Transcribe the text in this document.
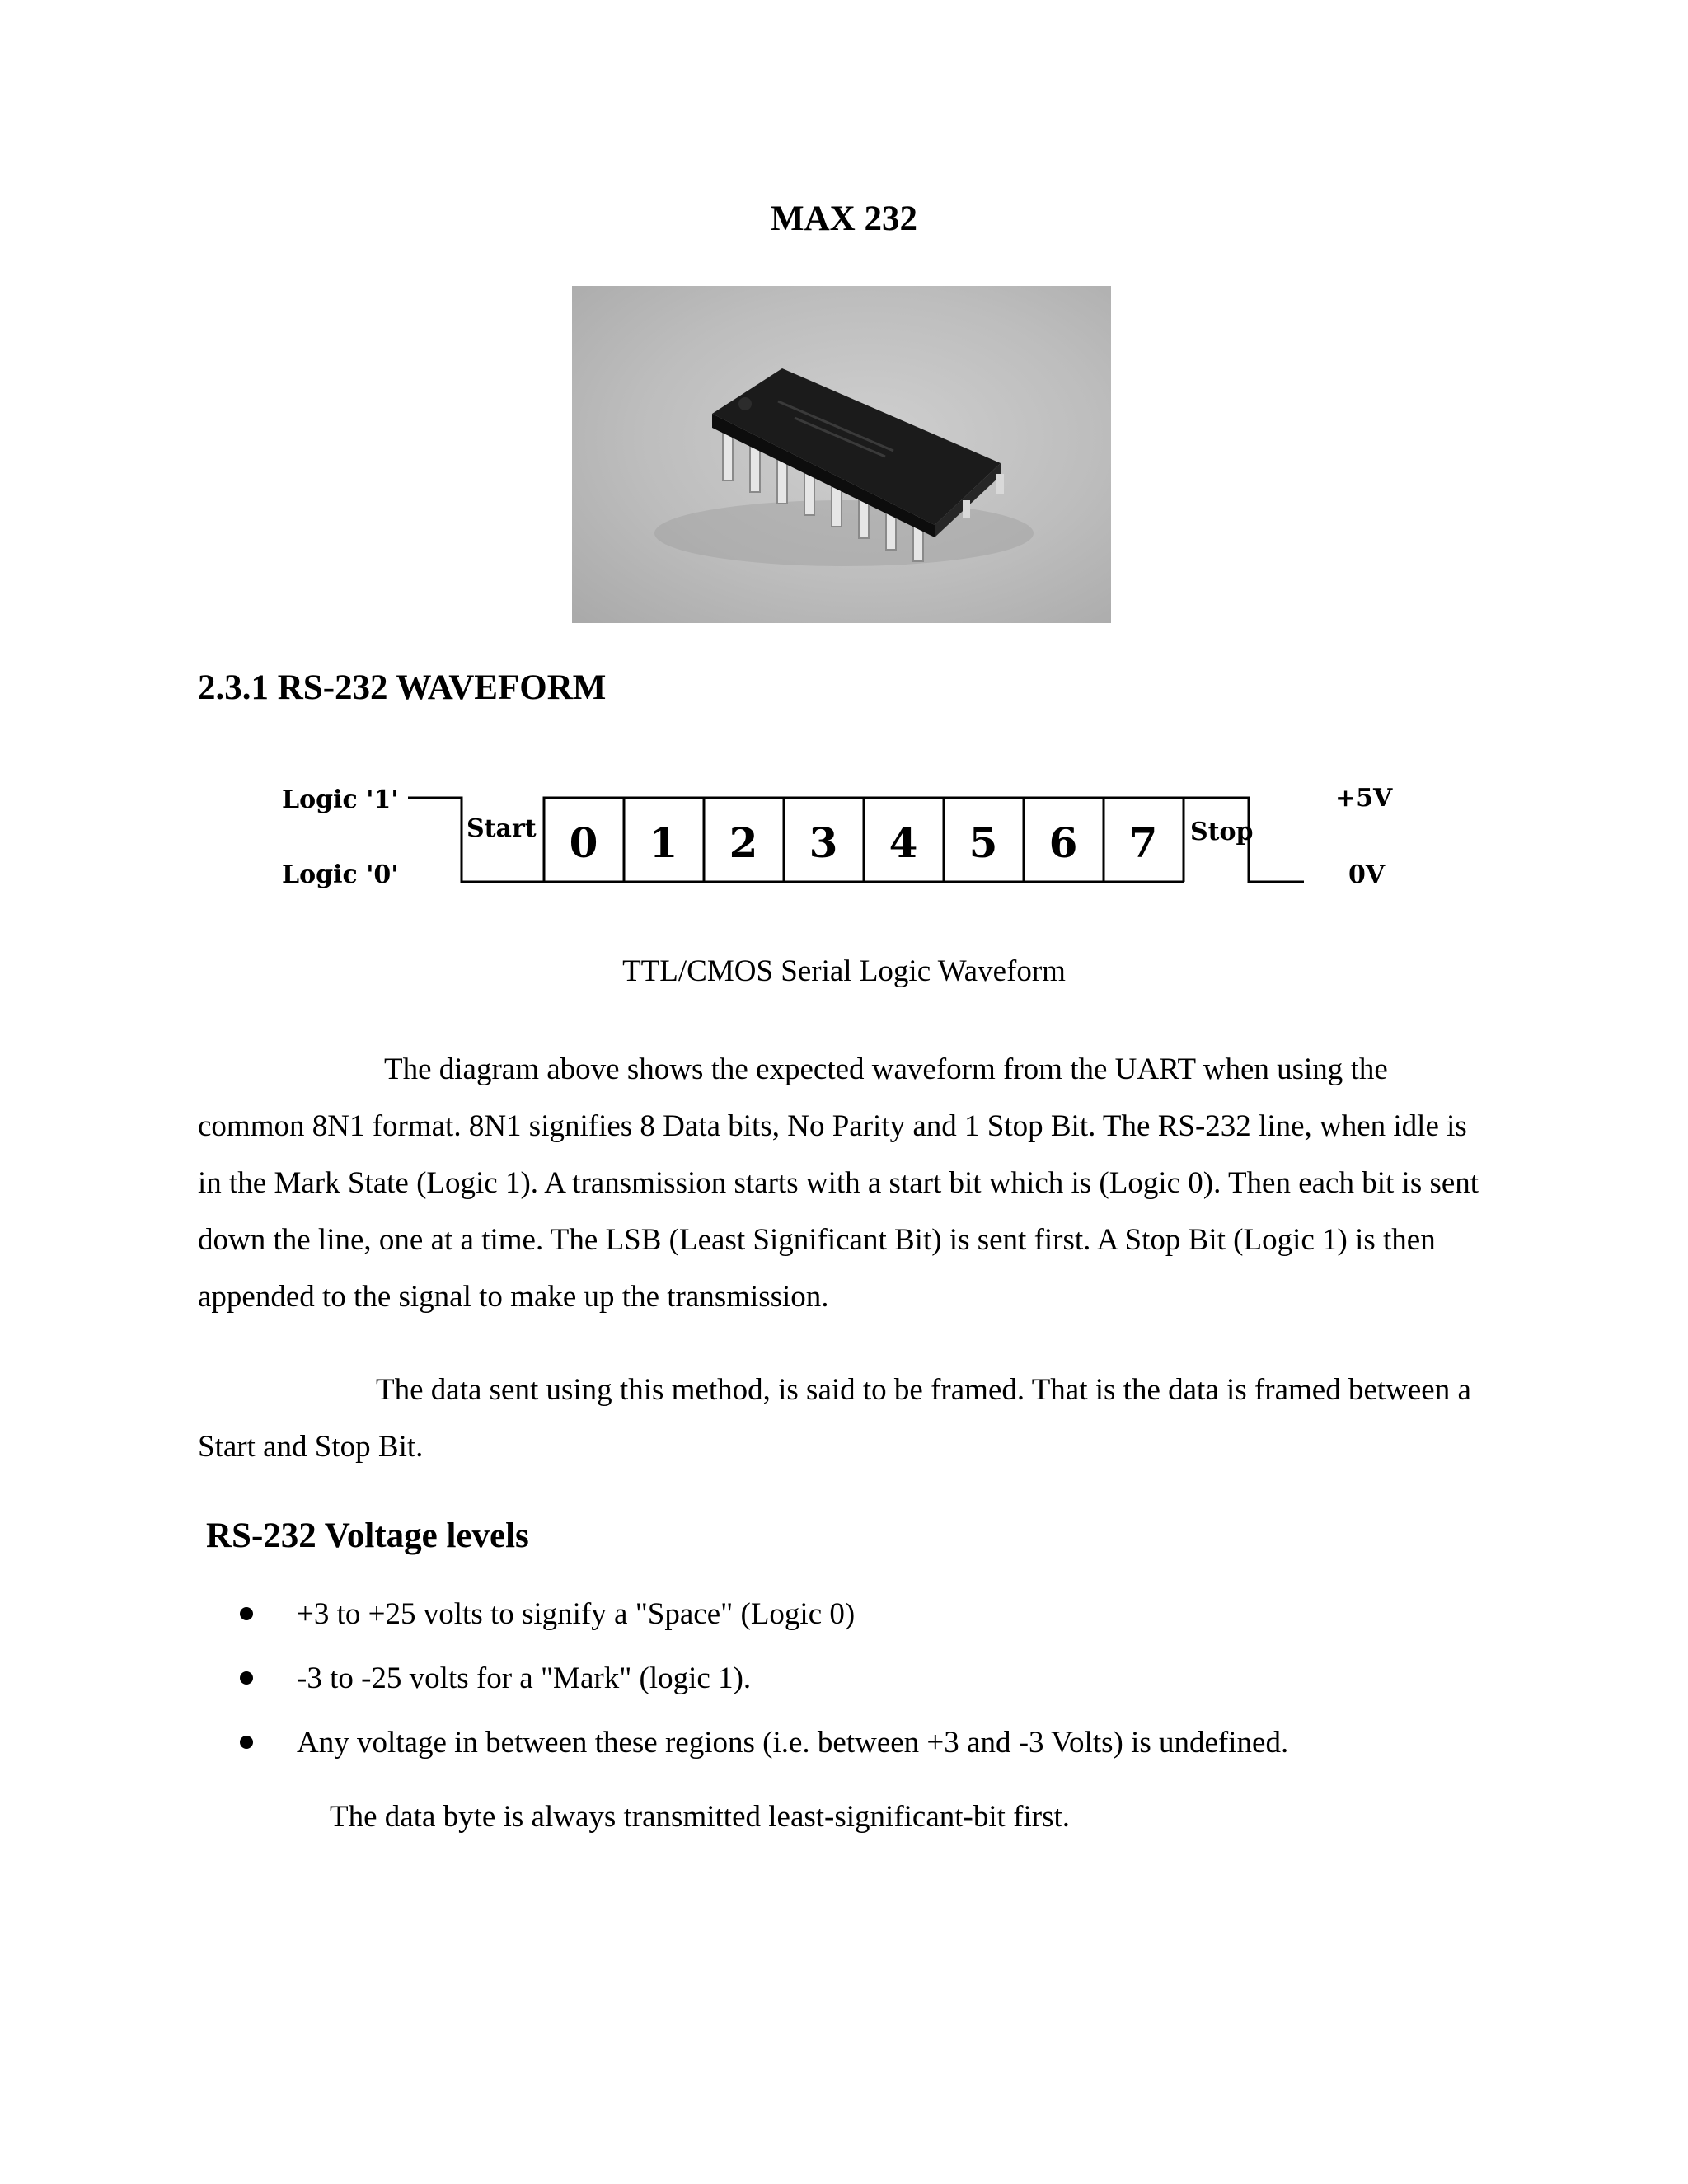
MAX 232
2.3.1 RS-232 WAVEFORM
Logic '1'
Logic '0'
Start 0 1 2 3 4 5 6 7 Stop
+5V
0V
TTL/CMOS Serial Logic Waveform
The diagram above shows the expected waveform from the UART when using the common 8N1 format. 8N1 signifies 8 Data bits, No Parity and 1 Stop Bit. The RS-232 line, when idle is in the Mark State (Logic 1). A transmission starts with a start bit which is (Logic 0). Then each bit is sent down the line, one at a time. The LSB (Least Significant Bit) is sent first. A Stop Bit (Logic 1) is then appended to the signal to make up the transmission.
The data sent using this method, is said to be framed. That is the data is framed between a Start and Stop Bit.
RS-232 Voltage levels
+3 to +25 volts to signify a "Space" (Logic 0)
-3 to -25 volts for a "Mark" (logic 1).
Any voltage in between these regions (i.e. between +3 and -3 Volts) is undefined.
The data byte is always transmitted least-significant-bit first.
